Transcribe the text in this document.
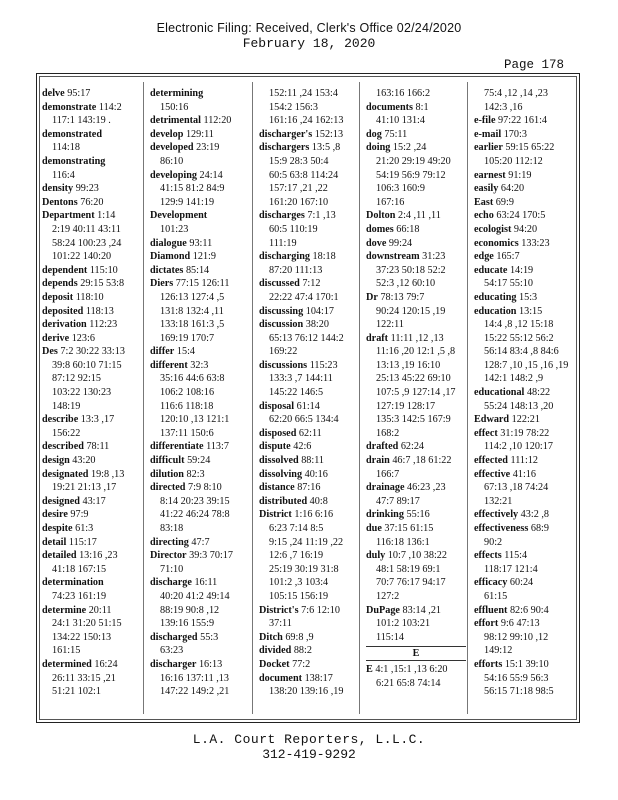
Electronic Filing: Received, Clerk's Office 02/24/2020
February 18, 2020
Page 178
delve 95:17
demonstrate 114:2
117:1 143:19 .
demonstrated
114:18
demonstrating
116:4
density 99:23
Dentons 76:20
Department 1:14
2:19 40:11 43:11
58:24 100:23 ,24
101:22 140:20
dependent 115:10
depends 29:15 53:8
deposit 118:10
deposited 118:13
derivation 112:23
derive 123:6
Des 7:2 30:22 33:13
39:8 60:10 71:15
87:12 92:15
103:22 130:23
148:19
describe 13:3 ,17
156:22
described 78:11
design 43:20
designated 19:8 ,13
19:21 21:13 ,17
designed 43:17
desire 97:9
despite 61:3
detail 115:17
detailed 13:16 ,23
41:18 167:15
determination
74:23 161:19
determine 20:11
24:1 31:20 51:15
134:22 150:13
161:15
determined 16:24
26:11 33:15 ,21
51:21 102:1
determining
150:16
detrimental 112:20
develop 129:11
developed 23:19
86:10
developing 24:14
41:15 81:2 84:9
129:9 141:19
Development
101:23
dialogue 93:11
Diamond 121:9
dictates 85:14
Diers 77:15 126:11
126:13 127:4 ,5
131:8 132:4 ,11
133:18 161:3 ,5
169:19 170:7
differ 15:4
different 32:3
35:16 44:6 63:8
106:2 108:16
116:6 118:18
120:10 ,13 121:1
137:11 150:6
differentiate 113:7
difficult 59:24
dilution 82:3
directed 7:9 8:10
8:14 20:23 39:15
41:22 46:24 78:8
83:18
directing 47:7
Director 39:3 70:17
71:10
discharge 16:11
40:20 41:2 49:14
88:19 90:8 ,12
139:16 155:9
discharged 55:3
63:23
discharger 16:13
16:16 137:11 ,13
147:22 149:2 ,21
152:11 ,24 153:4
154:2 156:3
161:16 ,24 162:13
discharger's 152:13
dischargers 13:5 ,8
15:9 28:3 50:4
60:5 63:8 114:24
157:17 ,21 ,22
161:20 167:10
discharges 7:1 ,13
60:5 110:19
111:19
discharging 18:18
87:20 111:13
discussed 7:12
22:22 47:4 170:1
discussing 104:17
discussion 38:20
65:13 76:12 144:2
169:22
discussions 115:23
133:3 ,7 144:11
145:22 146:5
disposal 61:14
62:20 66:5 134:4
disposed 62:11
dispute 42:6
dissolved 88:11
dissolving 40:16
distance 87:16
distributed 40:8
District 1:16 6:16
6:23 7:14 8:5
9:15 ,24 11:19 ,22
12:6 ,7 16:19
25:19 30:19 31:8
101:2 ,3 103:4
105:15 156:19
District's 7:6 12:10
37:11
Ditch 69:8 ,9
divided 88:2
Docket 77:2
document 138:17
138:20 139:16 ,19
163:16 166:2
documents 8:1
41:10 131:4
dog 75:11
doing 15:2 ,24
21:20 29:19 49:20
54:19 56:9 79:12
106:3 160:9
167:16
Dolton 2:4 ,11 ,11
domes 66:18
dove 99:24
downstream 31:23
37:23 50:18 52:2
52:3 ,12 60:10
Dr 78:13 79:7
90:24 120:15 ,19
122:11
draft 11:11 ,12 ,13
11:16 ,20 12:1 ,5 ,8
13:13 ,19 16:10
25:13 45:22 69:10
107:5 ,9 127:14 ,17
127:19 128:17
135:3 142:5 167:9
168:2
drafted 62:24
drain 46:7 ,18 61:22
166:7
drainage 46:23 ,23
47:7 89:17
drinking 55:16
due 37:15 61:15
116:18 136:1
duly 10:7 ,10 38:22
48:1 58:19 69:1
70:7 76:17 94:17
127:2
DuPage 83:14 ,21
101:2 103:21
115:14
E
E 4:1 ,15:1 ,13 6:20
6:21 65:8 74:14
75:4 ,12 ,14 ,23
142:3 ,16
e-file 97:22 161:4
e-mail 170:3
earlier 59:15 65:22
105:20 112:12
earnest 91:19
easily 64:20
East 69:9
echo 63:24 170:5
ecologist 94:20
economics 133:23
edge 165:7
educate 14:19
54:17 55:10
educating 15:3
education 13:15
14:4 ,8 ,12 15:18
15:22 55:12 56:2
56:14 83:4 ,8 84:6
128:7 ,10 ,15 ,16 ,19
142:1 148:2 ,9
educational 48:22
55:24 148:13 ,20
Edward 122:21
effect 31:19 78:22
114:2 ,10 120:17
effected 111:12
effective 41:16
67:13 ,18 74:24
132:21
effectively 43:2 ,8
effectiveness 68:9
90:2
effects 115:4
118:17 121:4
efficacy 60:24
61:15
effluent 82:6 90:4
effort 9:6 47:13
98:12 99:10 ,12
149:12
efforts 15:1 39:10
54:16 55:9 56:3
56:15 71:18 98:5
L.A. Court Reporters, L.L.C.
312-419-9292
